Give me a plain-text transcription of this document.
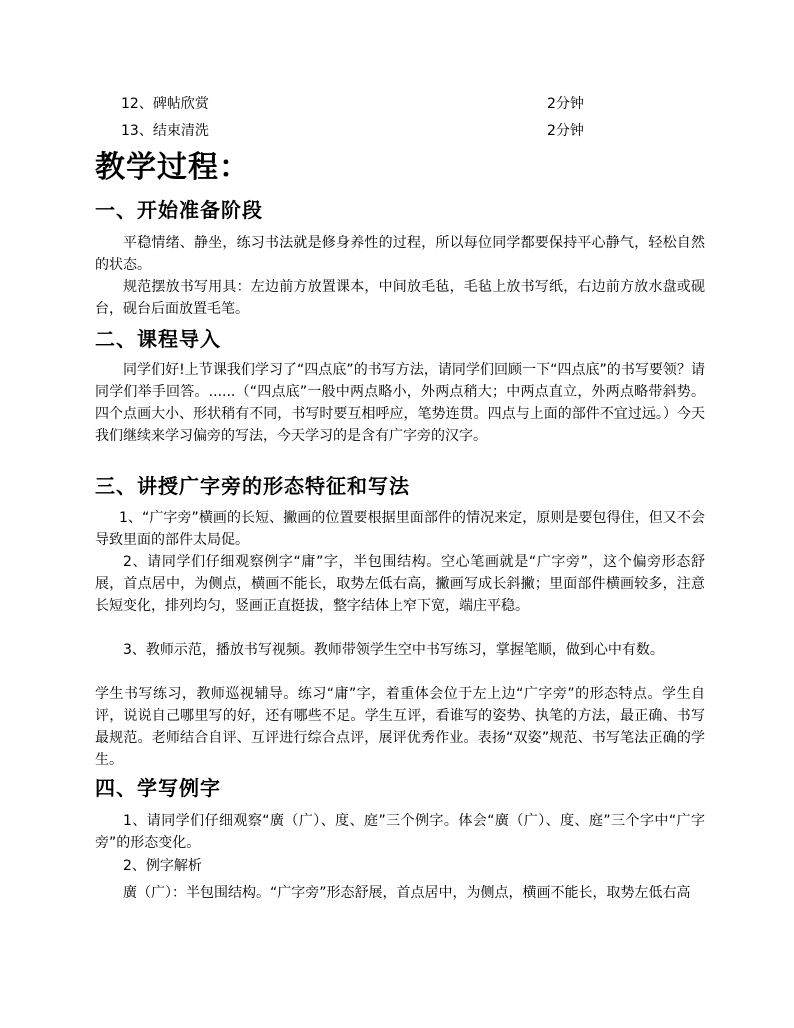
12、碑帖欣赏	2分钟
13、结束清洗	2分钟
教学过程：
一、开始准备阶段

平稳情绪、静坐，练习书法就是修身养性的过程，所以每位同学都要保持平心静气，轻松自然的状态。

规范摆放书写用具：左边前方放置课本，中间放毛毡，毛毡上放书写纸，右边前方放水盘或砚台，砚台后面放置毛笔。

二、课程导入

同学们好!上节课我们学习了“四点底”的书写方法，请同学们回顾一下“四点底”的书写要领？请同学们举手回答。......（“四点底”一般中两点略小，外两点稍大；中两点直立，外两点略带斜势。四个点画大小、形状稍有不同，书写时要互相呼应，笔势连贯。四点与上面的部件不宜过远。）今天我们继续来学习偏旁的写法，今天学习的是含有广字旁的汉字。

三、讲授广字旁的形态特征和写法

1、“广字旁”横画的长短、撇画的位置要根据里面部件的情况来定，原则是要包得住，但又不会导致里面的部件太局促。

2、请同学们仔细观察例字“庸”字，半包围结构。空心笔画就是“广字旁”，这个偏旁形态舒展，首点居中，为侧点，横画不能长，取势左低右高，撇画写成长斜撇；里面部件横画较多，注意长短变化，排列均匀，竖画正直挺拔，整字结体上窄下宽，端庄平稳。

3、教师示范，播放书写视频。教师带领学生空中书写练习，掌握笔顺，做到心中有数。

学生书写练习，教师巡视辅导。练习“庸”字，着重体会位于左上边“广字旁”的形态特点。学生自评，说说自己哪里写的好，还有哪些不足。学生互评，看谁写的姿势、执笔的方法，最正确、书写最规范。老师结合自评、互评进行综合点评，展评优秀作业。表扬“双姿”规范、书写笔法正确的学生。

四、学写例字

1、请同学们仔细观察“廣（广）、度、庭”三个例字。体会“廣（广）、度、庭”三个字中“广字旁”的形态变化。

2、例字解析

廣（广）：半包围结构。“广字旁”形态舒展，首点居中，为侧点，横画不能长，取势左低右高
